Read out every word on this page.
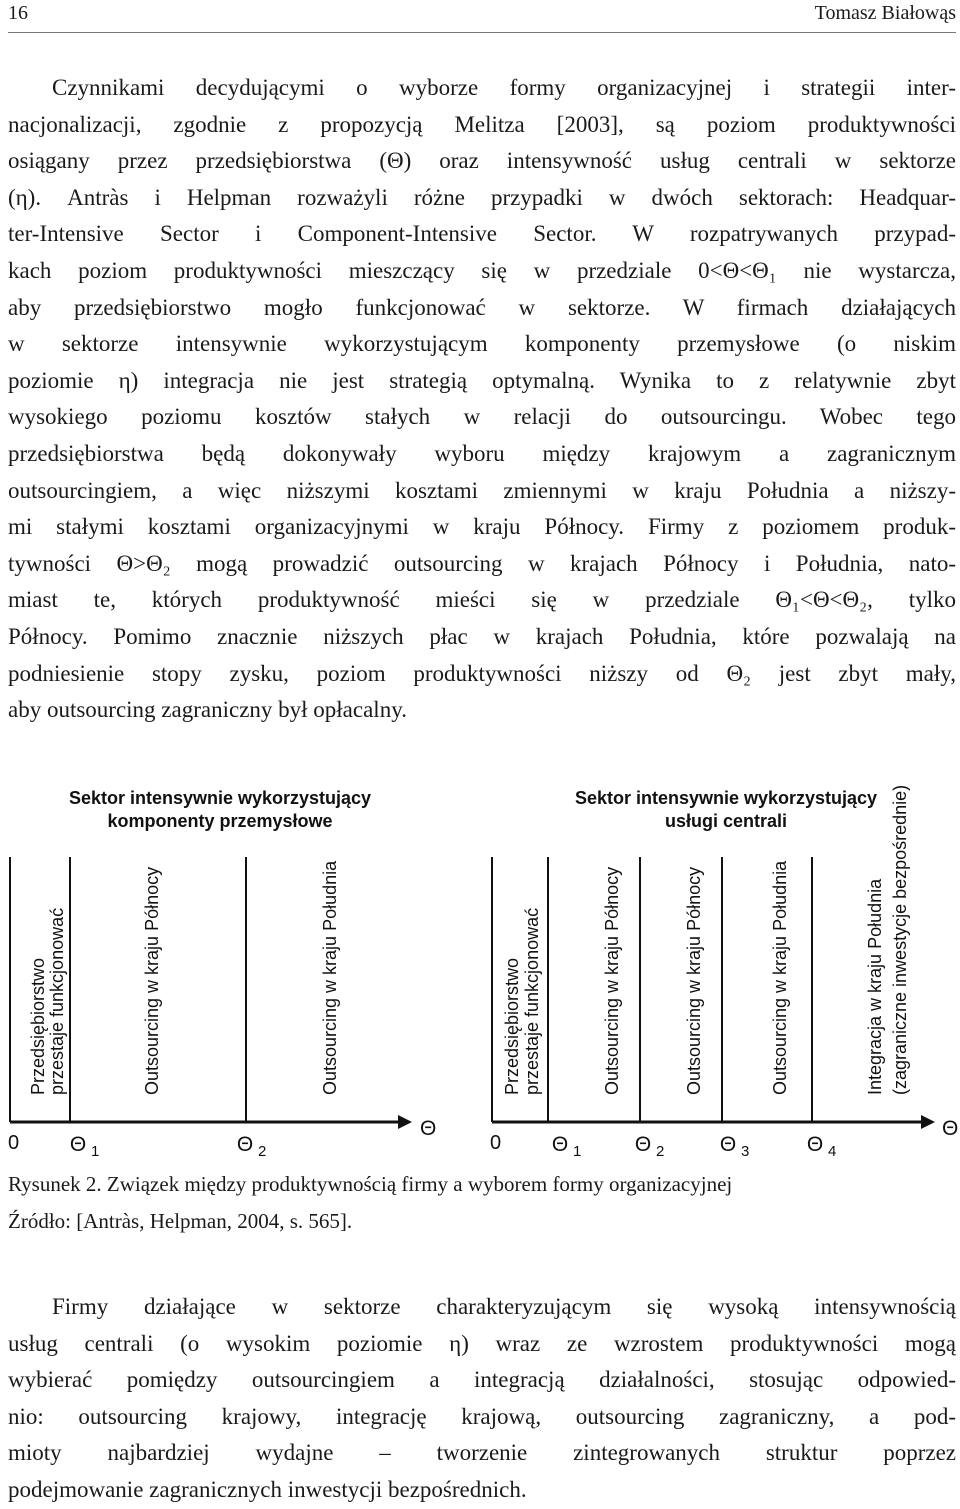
16	Tomasz Białowąs
Czynnikami decydującymi o wyborze formy organizacyjnej i strategii inter-
nacjonalizacji, zgodnie z propozycją Melitza [2003], są poziom produktywności
osiągany przez przedsiębiorstwa (Θ) oraz intensywność usług centrali w sektorze
(η). Antràs i Helpman rozważyli różne przypadki w dwóch sektorach: Headquar-
ter-Intensive Sector i Component-Intensive Sector. W rozpatrywanych przypad-
kach poziom produktywności mieszczący się w przedziale 0<Θ<Θ₁ nie wystarcza,
aby przedsiębiorstwo mogło funkcjonować w sektorze. W firmach działających
w sektorze intensywnie wykorzystującym komponenty przemysłowe (o niskim
poziomie η) integracja nie jest strategią optymalną. Wynika to z relatywnie zbyt
wysokiego poziomu kosztów stałych w relacji do outsourcingu. Wobec tego
przedsiębiorstwa będą dokonywały wyboru między krajowym a zagranicznym
outsourcingiem, a więc niższymi kosztami zmiennymi w kraju Południa a niższy-
mi stałymi kosztami organizacyjnymi w kraju Północy. Firmy z poziomem produk-
tywności Θ>Θ₂ mogą prowadzić outsourcing w krajach Północy i Południa, nato-
miast te, których produktywność mieści się w przedziale Θ₁<Θ<Θ₂, tylko
Północy. Pomimo znacznie niższych płac w krajach Południa, które pozwalają na
podniesienie stopy zysku, poziom produktywności niższy od Θ₂ jest zbyt mały,
aby outsourcing zagraniczny był opłacalny.
Sektor intensywnie wykorzystujący
komponenty przemysłowe
0
Θ
Θ 1	Θ 2
Przedsiębiorstwo przestaje funkcjonować	Outsourcing w kraju Północy	Outsourcing w kraju Południa
Sektor intensywnie wykorzystujący
usługi centrali
0
Θ
Θ 1	Θ 2	Θ 3	Θ 4
Przedsiębiorstwo przestaje funkcjonować	Outsourcing w kraju Północy	Outsourcing w kraju Północy	Outsourcing w kraju Południa	Integracja w kraju Południa (zagraniczne inwestycje bezpośrednie)
Rysunek 2. Związek między produktywnością firmy a wyborem formy organizacyjnej
Źródło: [Antràs, Helpman, 2004, s. 565].
Firmy działające w sektorze charakteryzującym się wysoką intensywnością
usług centrali (o wysokim poziomie η) wraz ze wzrostem produktywności mogą
wybierać pomiędzy outsourcingiem a integracją działalności, stosując odpowied-
nio: outsourcing krajowy, integrację krajową, outsourcing zagraniczny, a pod-
mioty najbardziej wydajne – tworzenie zintegrowanych struktur poprzez
podejmowanie zagranicznych inwestycji bezpośrednich.
